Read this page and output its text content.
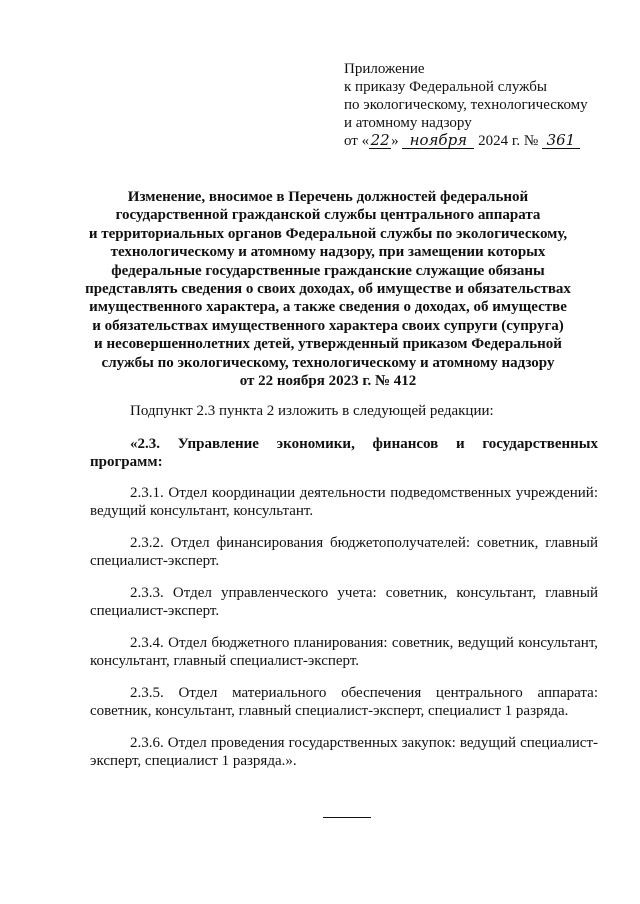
Приложение
к приказу Федеральной службы
по экологическому, технологическому
и атомному надзору
от «22» ноября 2024 г. № 361
Изменение, вносимое в Перечень должностей федеральной
государственной гражданской службы центрального аппарата
и территориальных органов Федеральной службы по экологическому,
технологическому и атомному надзору, при замещении которых
федеральные государственные гражданские служащие обязаны
представлять сведения о своих доходах, об имуществе и обязательствах
имущественного характера, а также сведения о доходах, об имуществе
и обязательствах имущественного характера своих супруги (супруга)
и несовершеннолетних детей, утвержденный приказом Федеральной
службы по экологическому, технологическому и атомному надзору
от 22 ноября 2023 г. № 412

Подпункт 2.3 пункта 2 изложить в следующей редакции:

«2.3. Управление экономики, финансов и государственных программ:

2.3.1. Отдел координации деятельности подведомственных учреждений: ведущий консультант, консультант.

2.3.2. Отдел финансирования бюджетополучателей: советник, главный специалист-эксперт.

2.3.3. Отдел управленческого учета: советник, консультант, главный специалист-эксперт.

2.3.4. Отдел бюджетного планирования: советник, ведущий консультант, консультант, главный специалист-эксперт.

2.3.5. Отдел материального обеспечения центрального аппарата: советник, консультант, главный специалист-эксперт, специалист 1 разряда.

2.3.6. Отдел проведения государственных закупок: ведущий специалист-эксперт, специалист 1 разряда.».
